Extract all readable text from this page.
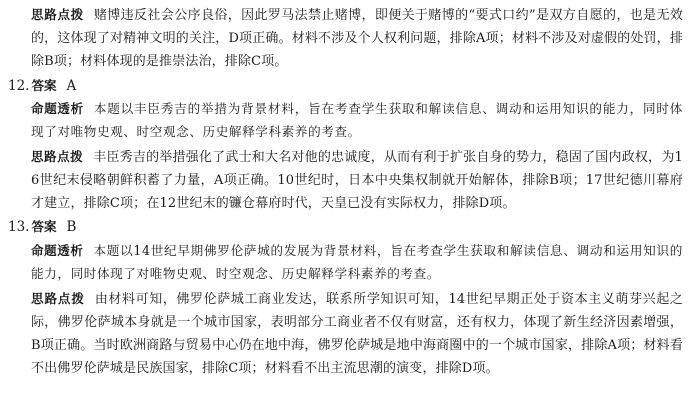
思路点拨 赌博违反社会公序良俗，因此罗马法禁止赌博，即便关于赌博的“要式口约”是双方自愿的，也是无效的，这体现了对精神文明的关注，D项正确。材料不涉及个人权利问题，排除A项；材料不涉及对虚假的处罚，排除B项；材料体现的是推崇法治，排除C项。

12. 答案 A

命题透析 本题以丰臣秀吉的举措为背景材料，旨在考查学生获取和解读信息、调动和运用知识的能力，同时体现了对唯物史观、时空观念、历史解释学科素养的考查。

思路点拨 丰臣秀吉的举措强化了武士和大名对他的忠诚度，从而有利于扩张自身的势力，稳固了国内政权，为16世纪末侵略朝鲜积蓄了力量，A项正确。10世纪时，日本中央集权制就开始解体，排除B项；17世纪德川幕府才建立，排除C项；在12世纪末的镰仓幕府时代，天皇已没有实际权力，排除D项。

13. 答案 B

命题透析 本题以14世纪早期佛罗伦萨城的发展为背景材料，旨在考查学生获取和解读信息、调动和运用知识的能力，同时体现了对唯物史观、时空观念、历史解释学科素养的考查。

思路点拨 由材料可知，佛罗伦萨城工商业发达，联系所学知识可知，14世纪早期正处于资本主义萌芽兴起之际，佛罗伦萨城本身就是一个城市国家，表明部分工商业者不仅有财富，还有权力，体现了新生经济因素增强，B项正确。当时欧洲商路与贸易中心仍在地中海，佛罗伦萨城是地中海商圈中的一个城市国家，排除A项；材料看不出佛罗伦萨城是民族国家，排除C项；材料看不出主流思潮的演变，排除D项。
